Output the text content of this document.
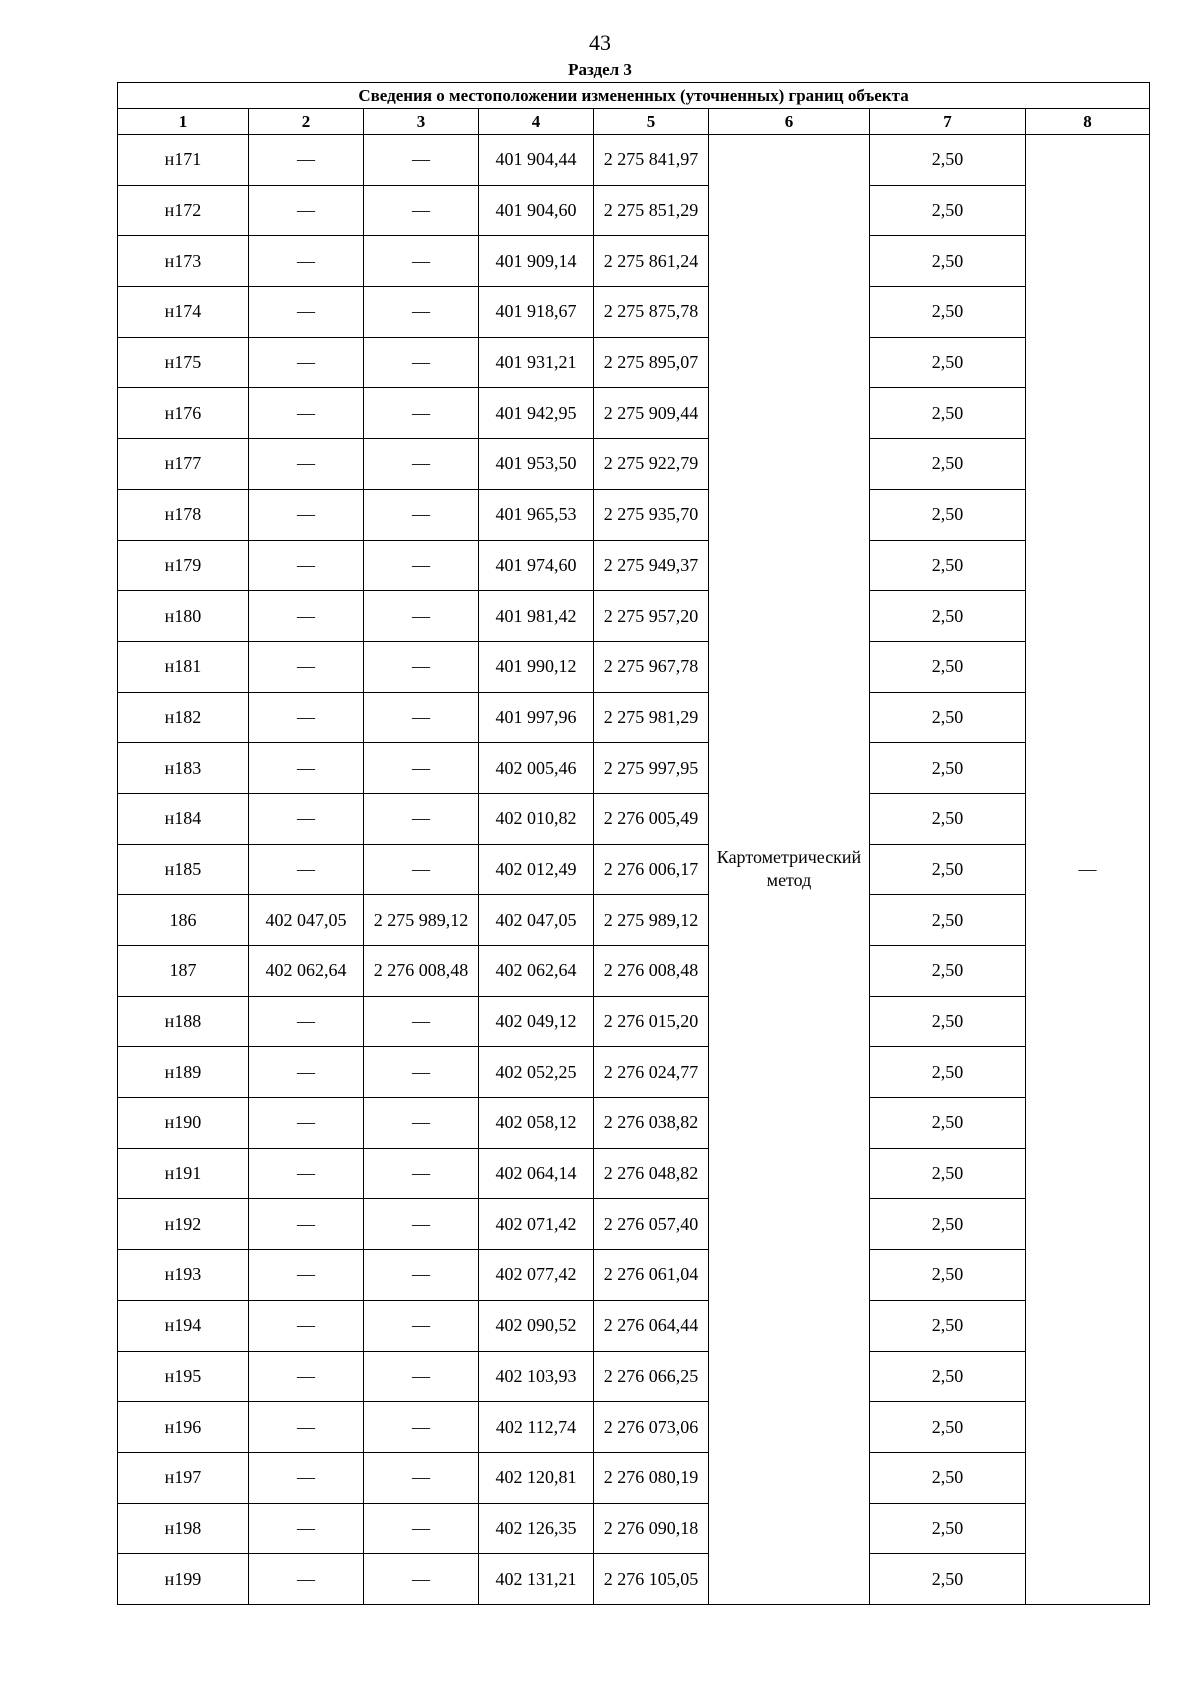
43
Раздел 3
Сведения о местоположении измененных (уточненных) границ объекта							
1	2	3	4	5	6	7	8
н171	—	—	401 904,44	2 275 841,97	Картометрический метод	2,50	—
н172	—	—	401 904,60	2 275 851,29		2,50	
н173	—	—	401 909,14	2 275 861,24		2,50	
н174	—	—	401 918,67	2 275 875,78		2,50	
н175	—	—	401 931,21	2 275 895,07		2,50	
н176	—	—	401 942,95	2 275 909,44		2,50	
н177	—	—	401 953,50	2 275 922,79		2,50	
н178	—	—	401 965,53	2 275 935,70		2,50	
н179	—	—	401 974,60	2 275 949,37		2,50	
н180	—	—	401 981,42	2 275 957,20		2,50	
н181	—	—	401 990,12	2 275 967,78		2,50	
н182	—	—	401 997,96	2 275 981,29		2,50	
н183	—	—	402 005,46	2 275 997,95		2,50	
н184	—	—	402 010,82	2 276 005,49		2,50	
н185	—	—	402 012,49	2 276 006,17		2,50	
186	402 047,05	2 275 989,12	402 047,05	2 275 989,12		2,50	
187	402 062,64	2 276 008,48	402 062,64	2 276 008,48		2,50	
н188	—	—	402 049,12	2 276 015,20		2,50	
н189	—	—	402 052,25	2 276 024,77		2,50	
н190	—	—	402 058,12	2 276 038,82		2,50	
н191	—	—	402 064,14	2 276 048,82		2,50	
н192	—	—	402 071,42	2 276 057,40		2,50	
н193	—	—	402 077,42	2 276 061,04		2,50	
н194	—	—	402 090,52	2 276 064,44		2,50	
н195	—	—	402 103,93	2 276 066,25		2,50	
н196	—	—	402 112,74	2 276 073,06		2,50	
н197	—	—	402 120,81	2 276 080,19		2,50	
н198	—	—	402 126,35	2 276 090,18		2,50	
н199	—	—	402 131,21	2 276 105,05		2,50	
